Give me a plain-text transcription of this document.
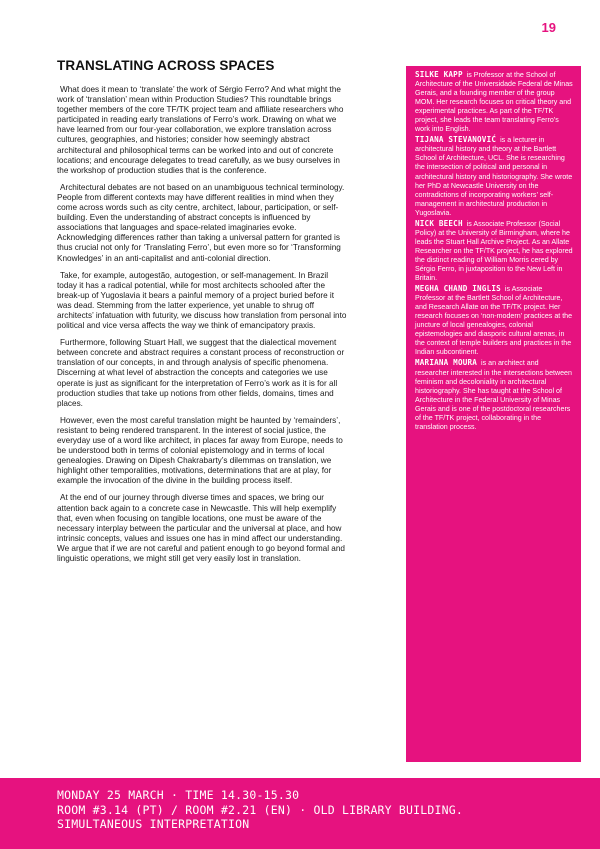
19
TRANSLATING ACROSS SPACES

What does it mean to ‘translate’ the work of Sérgio Ferro? And what might the work of ‘translation’ mean within Production Studies? This roundtable brings together members of the core TF/TK project team and affiliate researchers who participated in reading early translations of Ferro’s work. Drawing on what we have learned from our four-year collaboration, we explore translation across cultures, geographies, and histories; consider how seemingly abstract architectural and philosophical terms can be worked into and out of concrete locations; and encourage delegates to tread carefully, as we busy ourselves in the workshop of production studies that is the conference.

Architectural debates are not based on an unambiguous technical terminology. People from different contexts may have different realities in mind when they come across words such as city centre, architect, labour, participation, or self-building. Even the understanding of abstract concepts is influenced by associations that languages and space-related imaginaries evoke. Acknowledging differences rather than taking a universal pattern for granted is thus crucial not only for ‘Translating Ferro’, but even more so for ‘Transforming Knowledges’ in an anti-capitalist and anti-colonial direction.

Take, for example, autogestão, autogestion, or self-management. In Brazil today it has a radical potential, while for most architects schooled after the break-up of Yugoslavia it bears a painful memory of a project buried before it was dead. Stemming from the latter experience, yet unable to shrug off architects’ infatuation with futurity, we discuss how translation from personal into political and vice versa affects the way we think of emancipatory praxis.

Furthermore, following Stuart Hall, we suggest that the dialectical movement between concrete and abstract requires a constant process of reconstruction or translation of our concepts, in and through analysis of specific phenomena. Discerning at what level of abstraction the concepts and categories we use operate is just as significant for the interpretation of Ferro’s work as it is for all production studies that take up notions from other fields, domains, times and places.

However, even the most careful translation might be haunted by ‘remainders’, resistant to being rendered transparent. In the interest of social justice, the everyday use of a word like architect, in places far away from Europe, needs to be understood both in terms of colonial epistemology and in terms of local genealogies. Drawing on Dipesh Chakrabarty’s dilemmas on translation, we highlight other temporalities, motivations, determinations that are at play, for example the invocation of the divine in the building process itself.

At the end of our journey through diverse times and spaces, we bring our attention back again to a concrete case in Newcastle. This will help exemplify that, even when focusing on tangible locations, one must be aware of the necessary interplay between the particular and the universal at place, and how intrinsic concepts, values and issues one has in mind affect our understanding. We argue that if we are not careful and patient enough to go beyond formal and linguistic operations, we might still get very easily lost in translation.

SILKE KAPP is Professor at the School of Architecture of the Universidade Federal de Minas Gerais, and a founding member of the group MOM. Her research focuses on critical theory and experimental practices. As part of the TF/TK project, she leads the team translating Ferro’s work into English.

TIJANA STEVANOVIĆ is a lecturer in architectural history and theory at the Bartlett School of Architecture, UCL. She is researching the intersection of political and personal in architectural history and historiography. She wrote her PhD at Newcastle University on the contradictions of incorporating workers’ self-management in architectural production in Yugoslavia.

NICK BEECH is Associate Professor (Social Policy) at the University of Birmingham, where he leads the Stuart Hall Archive Project. As an Allate Researcher on the TF/TK project, he has explored the distinct reading of William Morris cered by Sérgio Ferro, in juxtaposition to the New Left in Britain.

MEGHA CHAND INGLIS is Associate Professor at the Bartlett School of Architecture, and Research Allate on the TF/TK project. Her research focuses on ‘non-modern’ practices at the juncture of local genealogies, colonial epistemologies and diasporic cultural arenas, in the context of temple builders and practices in the Indian subcontinent.

MARIANA MOURA is an architect and researcher interested in the intersections between feminism and decoloniality in architectural historiography. She has taught at the School of Architecture in the Federal University of Minas Gerais and is one of the postdoctoral researchers of the TF/TK project, collaborating in the translation process.

MONDAY 25 MARCH · TIME 14.30-15.30
ROOM #3.14 (PT) / ROOM #2.21 (EN) · OLD LIBRARY BUILDING.
SIMULTANEOUS INTERPRETATION
